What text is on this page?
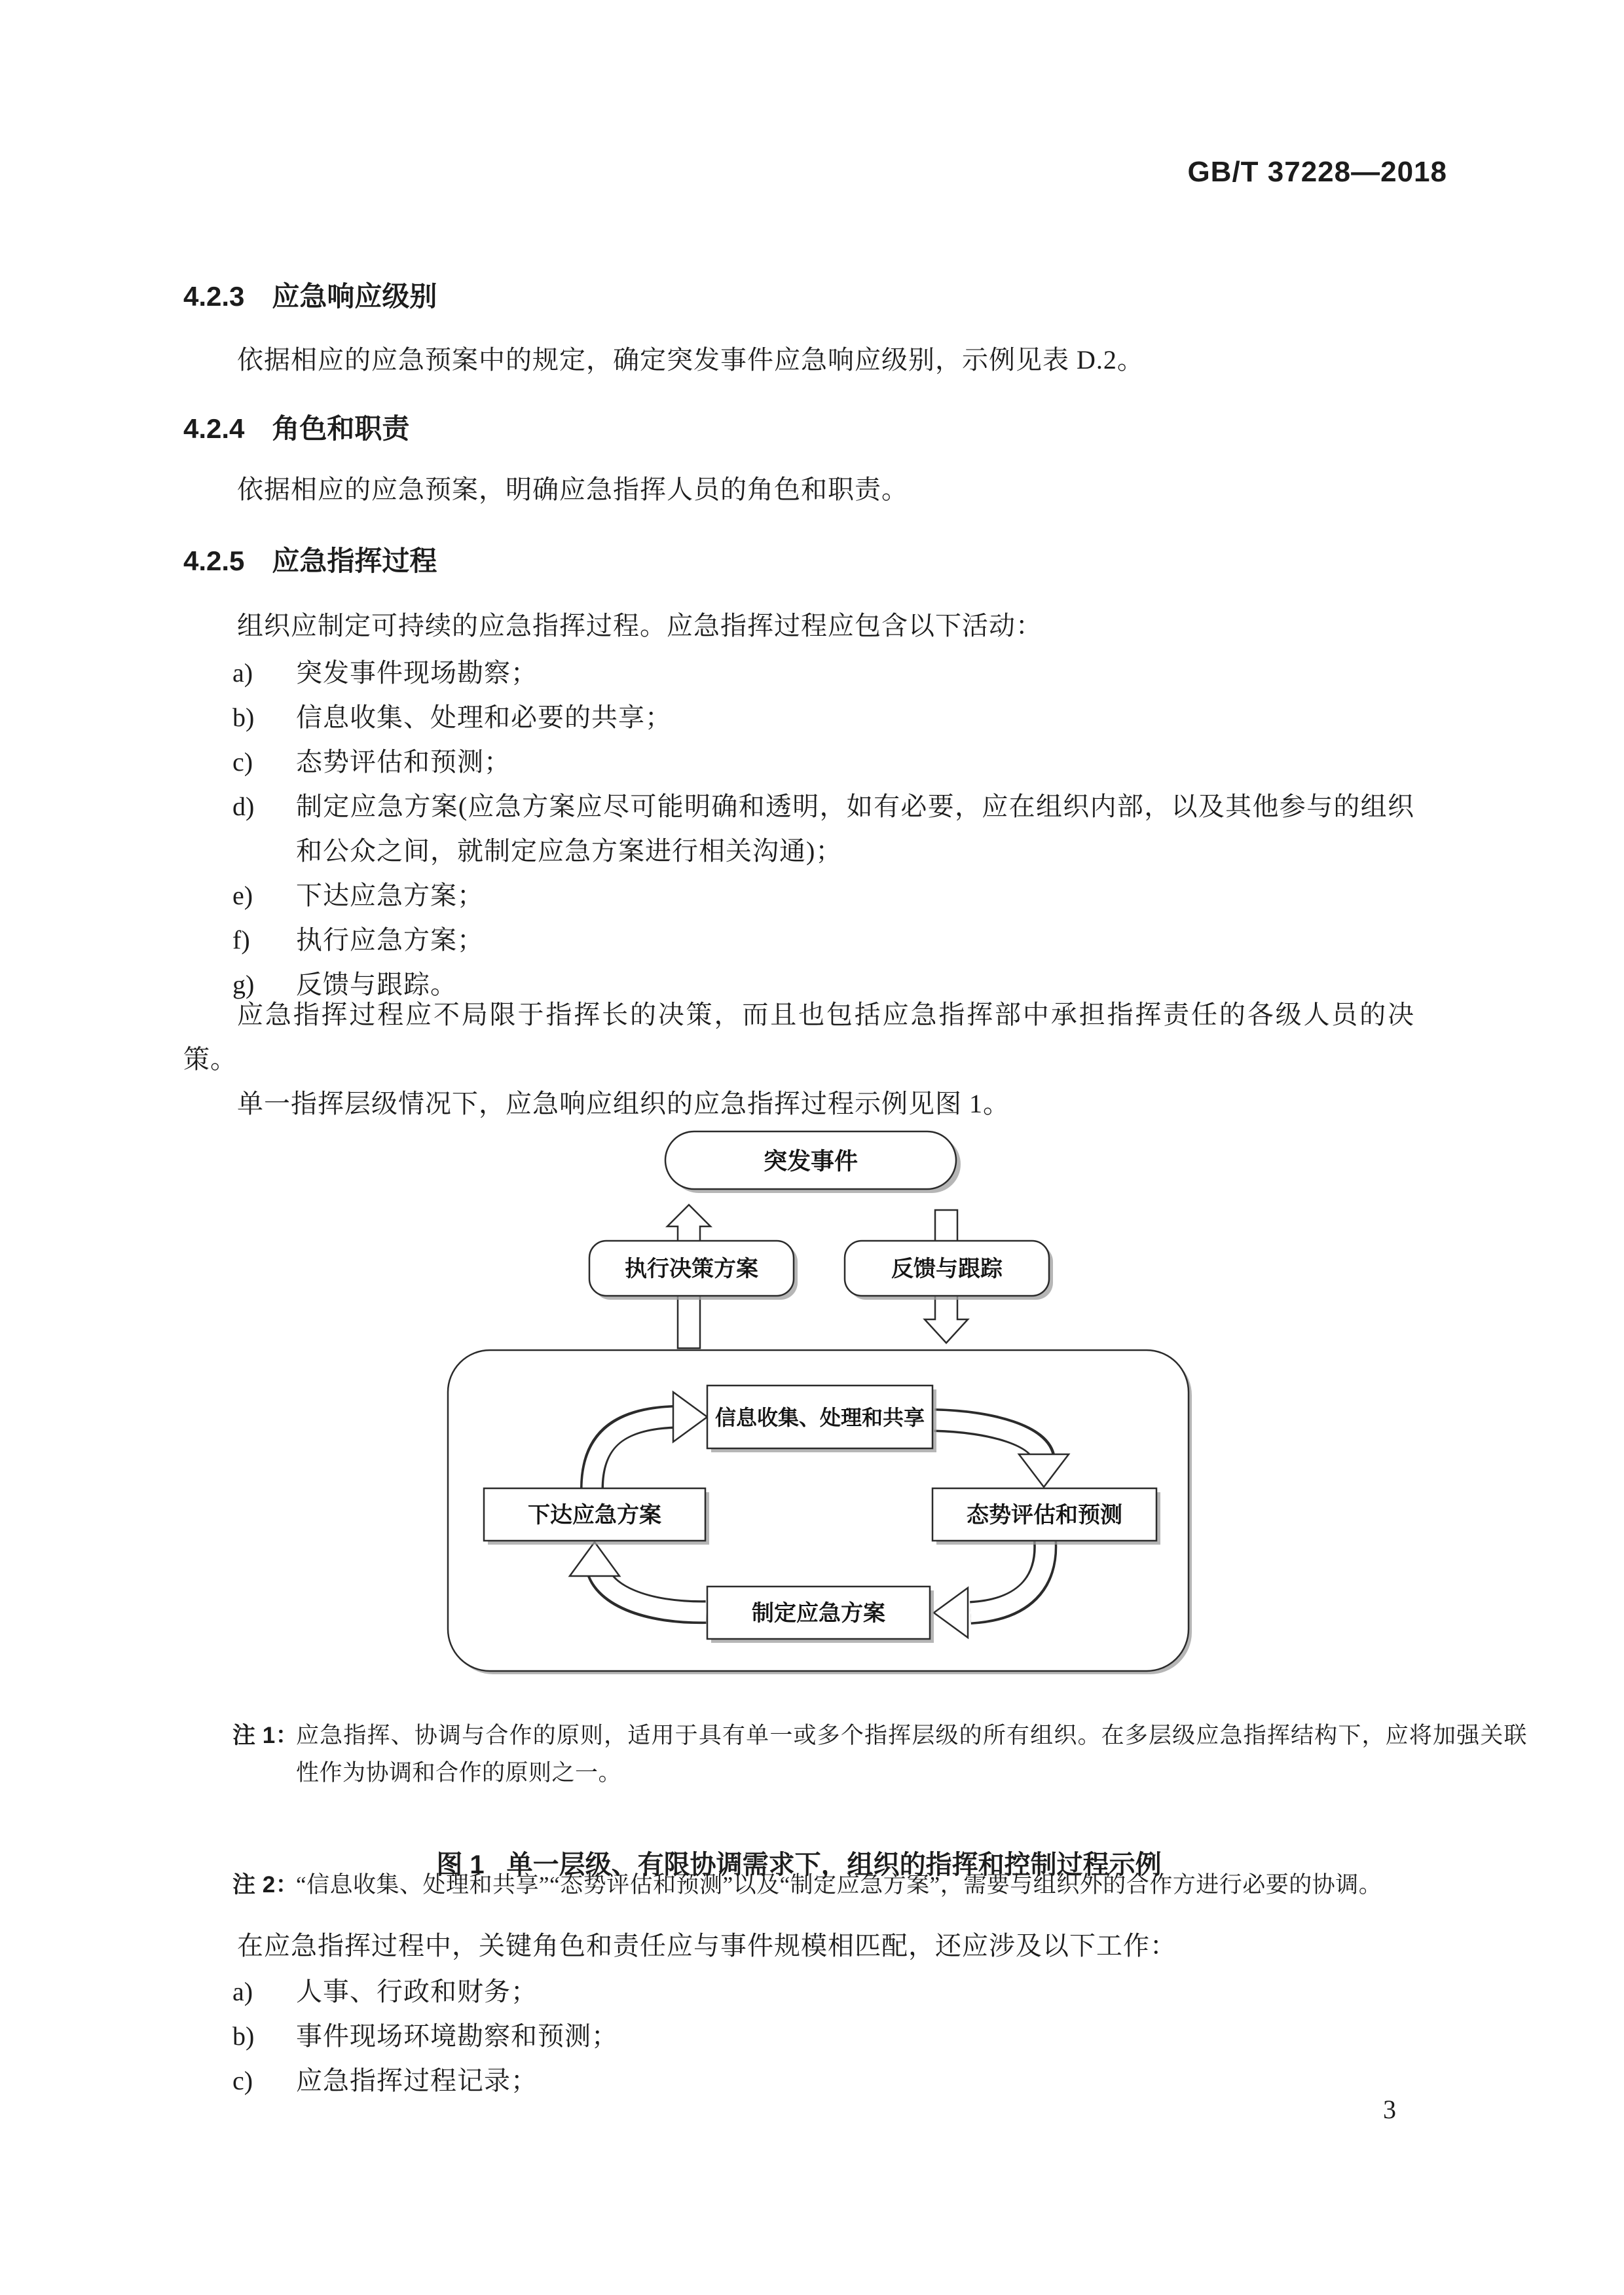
GB/T 37228—2018
4.2.3 应急响应级别
依据相应的应急预案中的规定，确定突发事件应急响应级别，示例见表 D.2。
4.2.4 角色和职责
依据相应的应急预案，明确应急指挥人员的角色和职责。
4.2.5 应急指挥过程
组织应制定可持续的应急指挥过程。应急指挥过程应包含以下活动：
a) 突发事件现场勘察；
b) 信息收集、处理和必要的共享；
c) 态势评估和预测；
d) 制定应急方案(应急方案应尽可能明确和透明，如有必要，应在组织内部，以及其他参与的组织和公众之间，就制定应急方案进行相关沟通)；
e) 下达应急方案；
f) 执行应急方案；
g) 反馈与跟踪。
应急指挥过程应不局限于指挥长的决策，而且也包括应急指挥部中承担指挥责任的各级人员的决策。
单一指挥层级情况下，应急响应组织的应急指挥过程示例见图 1。
突发事件
执行决策方案	反馈与跟踪
信息收集、处理和共享
下达应急方案	态势评估和预测
制定应急方案
注 1：
应急指挥、协调与合作的原则，适用于具有单一或多个指挥层级的所有组织。在多层级应急指挥结构下，应将加强关联性作为协调和合作的原则之一。
注 2：
“信息收集、处理和共享”“态势评估和预测”以及“制定应急方案”，需要与组织外的合作方进行必要的协调。
图 1 单一层级、有限协调需求下，组织的指挥和控制过程示例
在应急指挥过程中，关键角色和责任应与事件规模相匹配，还应涉及以下工作：
a) 人事、行政和财务；
b) 事件现场环境勘察和预测；
c) 应急指挥过程记录；
3
